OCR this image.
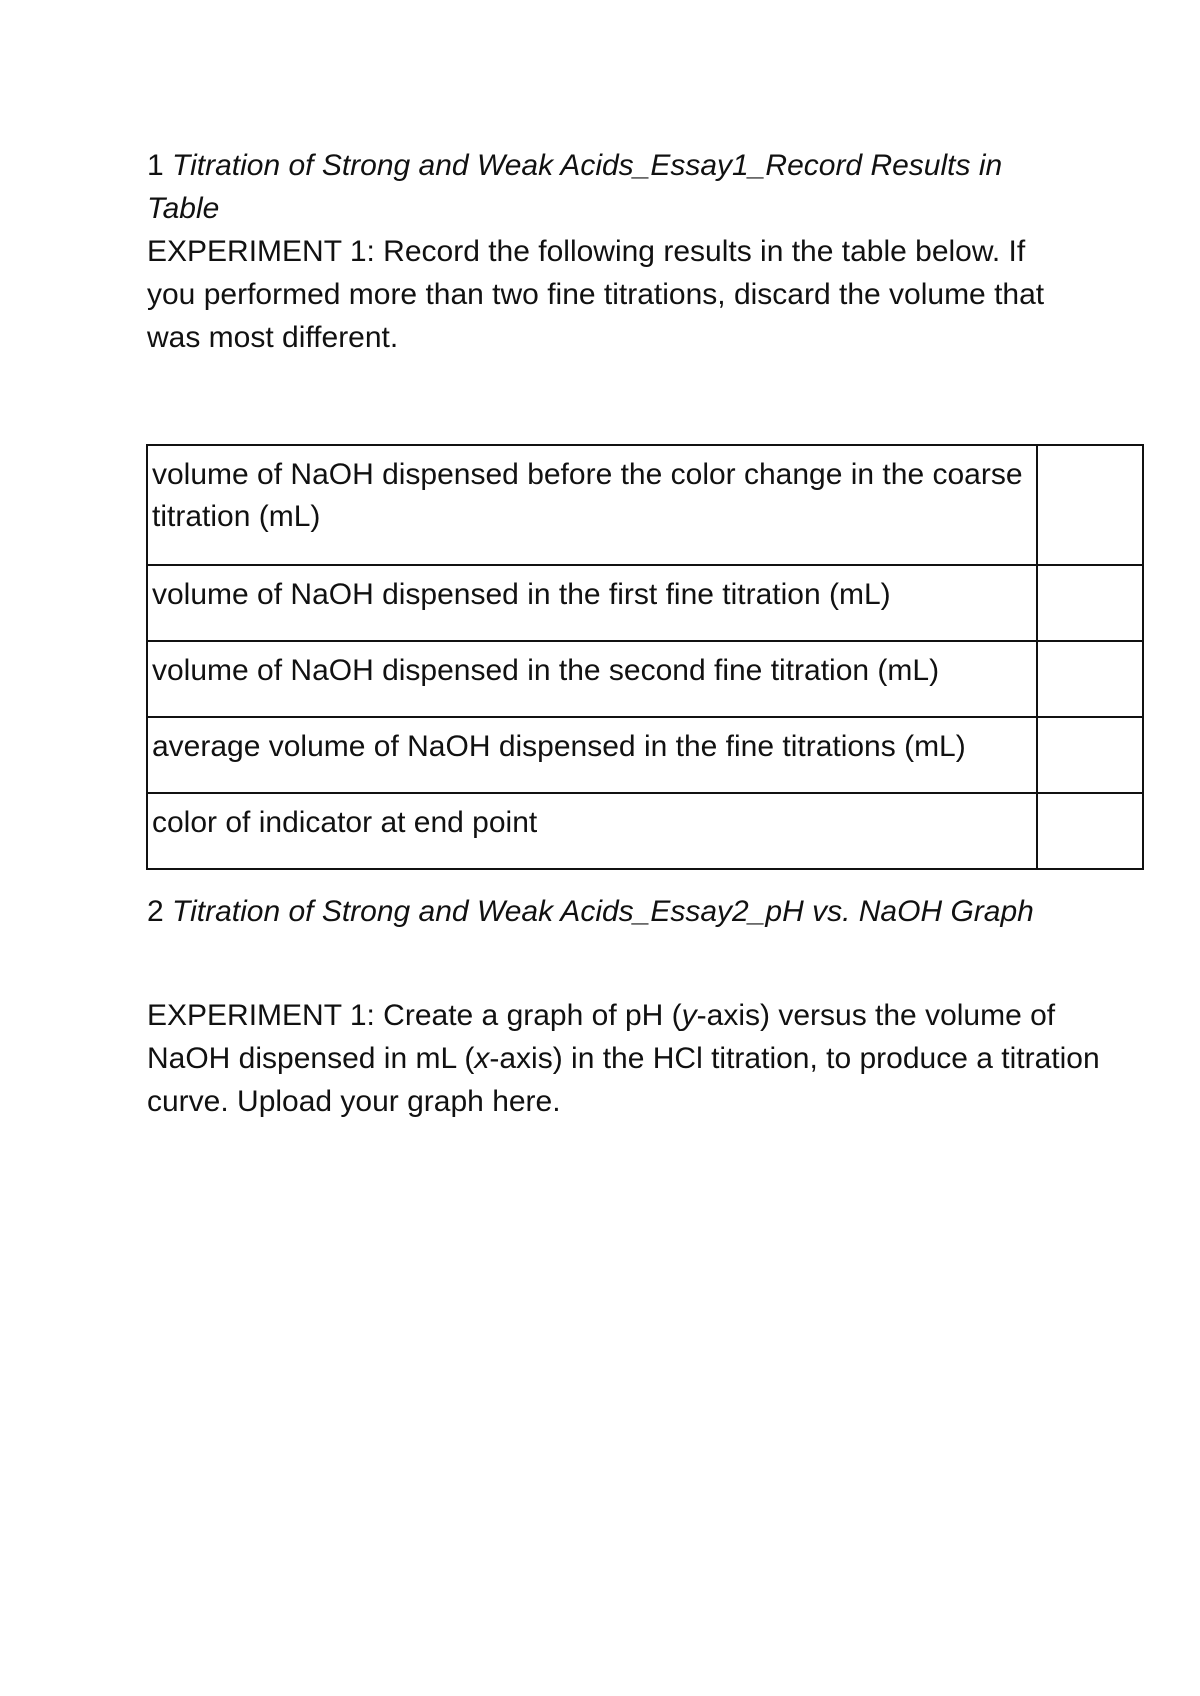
1 Titration of Strong and Weak Acids_Essay1_Record Results in Table
EXPERIMENT 1: Record the following results in the table below. If you performed more than two fine titrations, discard the volume that was most different.
volume of NaOH dispensed before the color change in the coarse titration (mL)	
volume of NaOH dispensed in the first fine titration (mL)	
volume of NaOH dispensed in the second fine titration (mL)	
average volume of NaOH dispensed in the fine titrations (mL)	
color of indicator at end point	
2 Titration of Strong and Weak Acids_Essay2_pH vs. NaOH Graph
EXPERIMENT 1: Create a graph of pH (y-axis) versus the volume of NaOH dispensed in mL (x-axis) in the HCl titration, to produce a titration curve. Upload your graph here.
